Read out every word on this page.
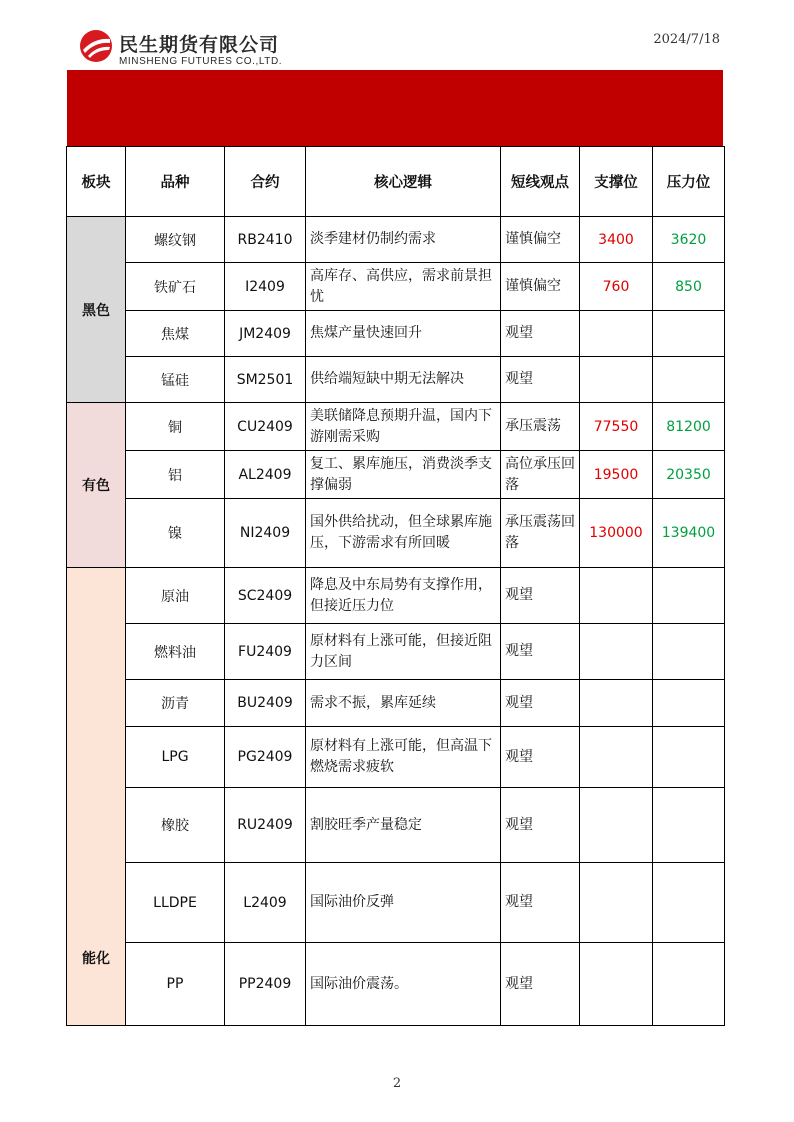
民生期货有限公司
MINSHENG FUTURES CO.,LTD.
2024/7/18
板块	品种	合约	核心逻辑	短线观点	支撑位	压力位
黑色	螺纹钢	RB2410	淡季建材仍制约需求	谨慎偏空	3400	3620
	铁矿石	I2409	高库存、高供应，需求前景担忧	谨慎偏空	760	850
	焦煤	JM2409	焦煤产量快速回升	观望		
	锰硅	SM2501	供给端短缺中期无法解决	观望		
有色	铜	CU2409	美联储降息预期升温，国内下游刚需采购	承压震荡	77550	81200
	铝	AL2409	复工、累库施压，消费淡季支撑偏弱	高位承压回落	19500	20350
	镍	NI2409	国外供给扰动，但全球累库施压，下游需求有所回暖	承压震荡回落	130000	139400
能化	原油	SC2409	降息及中东局势有支撑作用，但接近压力位	观望		
	燃料油	FU2409	原材料有上涨可能，但接近阻力区间	观望		
	沥青	BU2409	需求不振，累库延续	观望		
	LPG	PG2409	原材料有上涨可能，但高温下燃烧需求疲软	观望		
	橡胶	RU2409	割胶旺季产量稳定	观望		
	LLDPE	L2409	国际油价反弹	观望		
	PP	PP2409	国际油价震荡。	观望		
2
